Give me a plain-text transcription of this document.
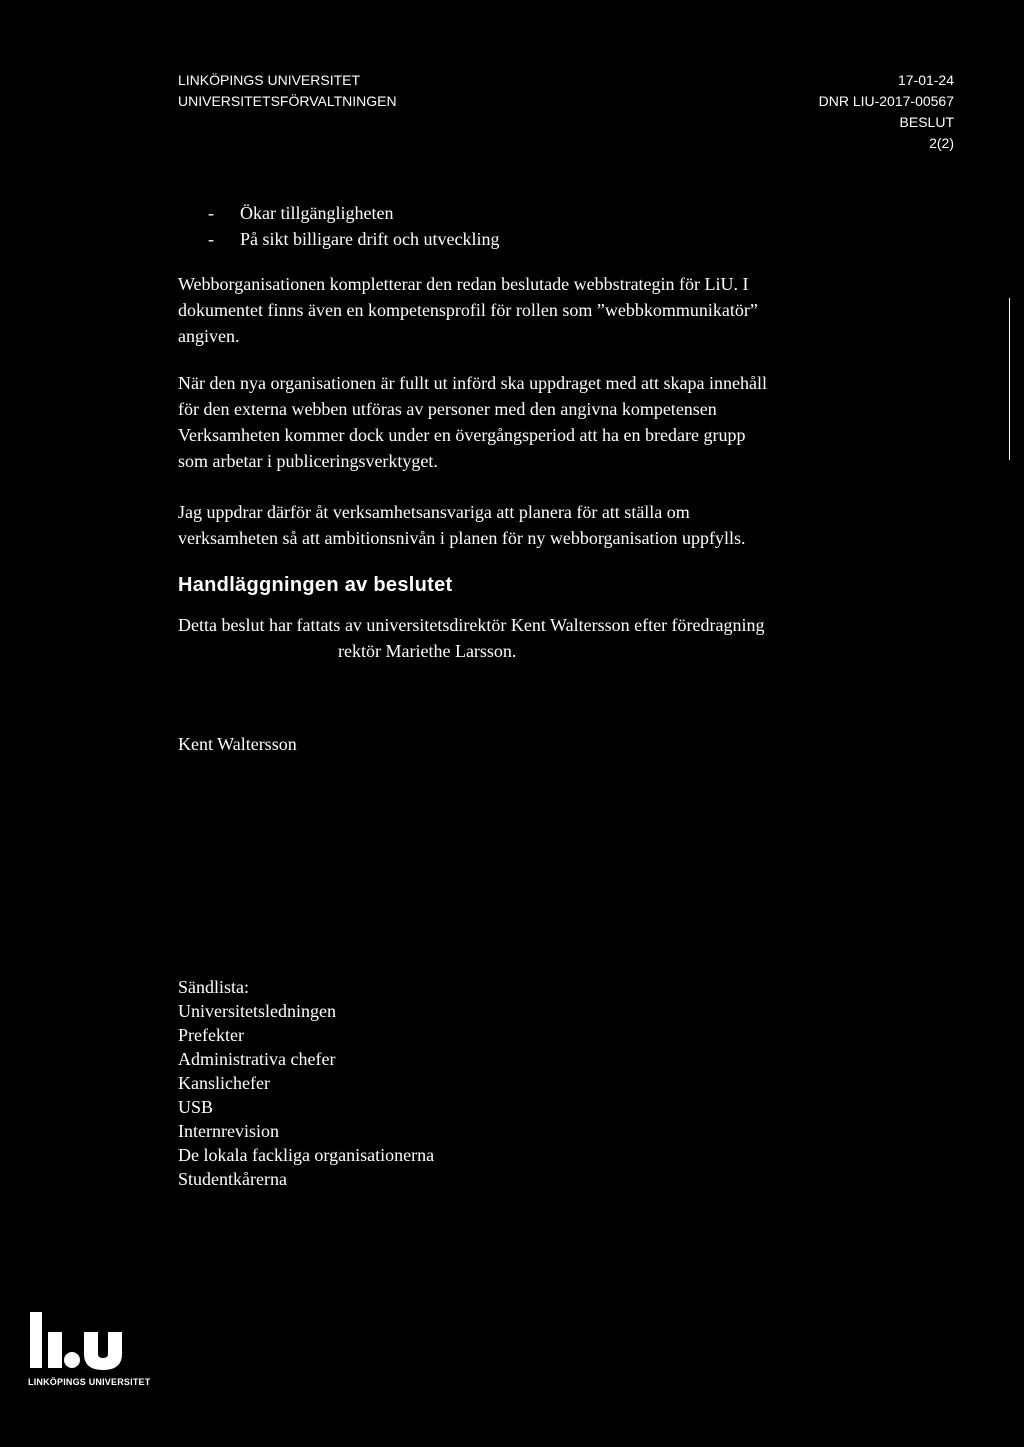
LINKÖPINGS UNIVERSITET
UNIVERSITETSFÖRVALTNINGEN
17-01-24
DNR LIU-2017-00567
BESLUT
2(2)
-	Ökar tillgängligheten
-	På sikt billigare drift och utveckling
Webborganisationen kompletterar den redan beslutade webbstrategin för LiU. I
dokumentet finns även en kompetensprofil för rollen som ”webbkommunikatör”
angiven.
När den nya organisationen är fullt ut införd ska uppdraget med att skapa innehåll
för den externa webben utföras av personer med den angivna kompetensen
Verksamheten kommer dock under en övergångsperiod att ha en bredare grupp
som arbetar i publiceringsverktyget.
Jag uppdrar därför åt verksamhetsansvariga att planera för att ställa om
verksamheten så att ambitionsnivån i planen för ny webborganisation uppfylls.
Handläggningen av beslutet
Detta beslut har fattats av universitetsdirektör Kent Waltersson efter föredragning
rektör Mariethe Larsson.
Kent Waltersson
Sändlista:
Universitetsledningen
Prefekter
Administrativa chefer
Kanslichefer
USB
Internrevision
De lokala fackliga organisationerna
Studentkårerna
LINKÖPINGS UNIVERSITET
